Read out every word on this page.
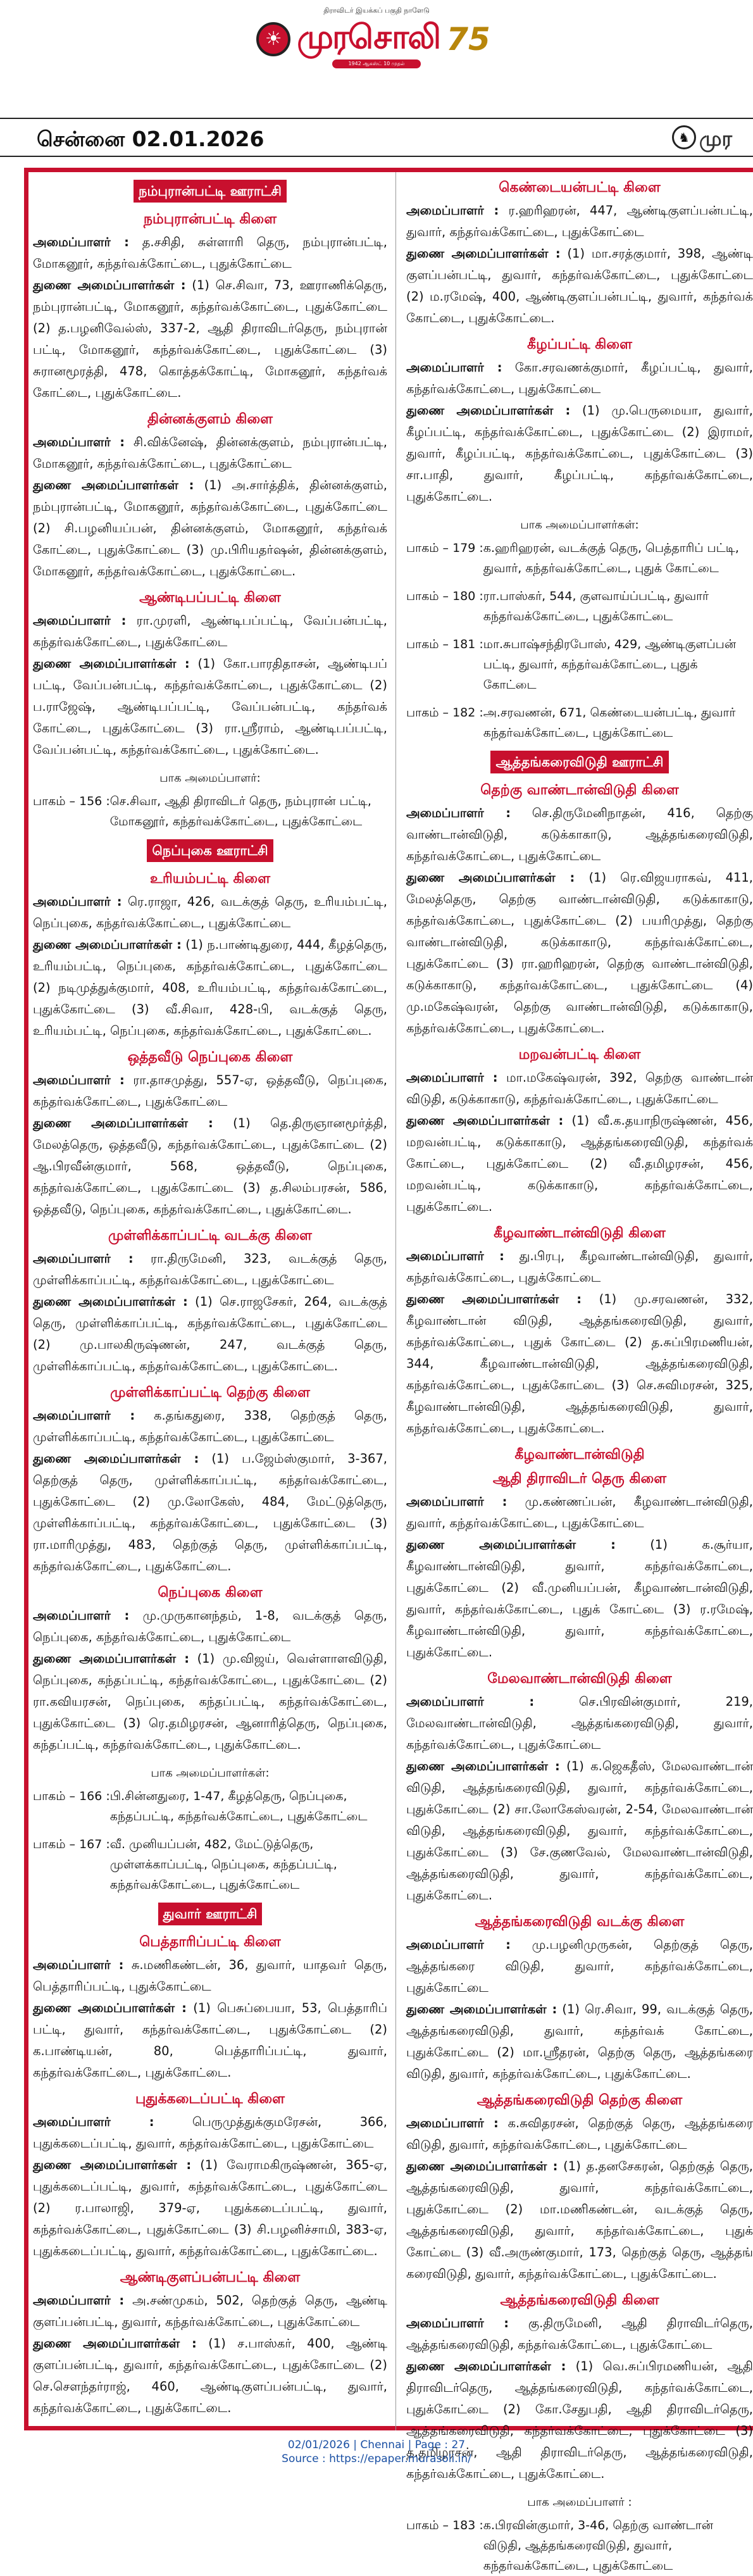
திராவிடர் இயக்கப் பகுதி நாளேடு
☀ முரசொலி 75
1942 ஆகஸ்ட் 10 முதல் பெருமைக்குரிய நாளேடு
சென்னை 02.01.2026	♞ முர
நம்புரான்பட்டி ஊராட்சி
நம்புரான்பட்டி கிளை
அமைப்பாளர் : த.சசிதி, சுள்ளாரி தெரு, நம்புரான்பட்டி, மோகனூர், கந்தர்வக்கோட்டை, புதுக்கோட்டை
துணை அமைப்பாளர்கள் : (1) செ.சிவா, 73, ஊராணிக்தெரு, நம்புரான்பட்டி, மோகனூர், கந்தர்வக்கோட்டை, புதுக்கோட்டை (2) த.பழனிவேல்ஸ், 337-2, ஆதி திராவிடர்தெரு, நம்புரான் பட்டி, மோகனூர், கந்தர்வக்கோட்டை, புதுக்கோட்டை (3) சுரானமூரத்தி, 478, கொத்தக்கோட்டி, மோகனூர், கந்தர்வக் கோட்டை, புதுக்கோட்டை.
தின்னக்குளம் கிளை
அமைப்பாளர் : சி.விக்னேஷ், தின்னக்குளம், நம்புரான்பட்டி, மோகனூர், கந்தர்வக்கோட்டை, புதுக்கோட்டை
துணை அமைப்பாளர்கள் : (1) அ.சார்த்திக், தின்னக்குளம், நம்புரான்பட்டி, மோகனூர், கந்தர்வக்கோட்டை, புதுக்கோட்டை (2) சி.பழனியப்பன், தின்னக்குளம், மோகனூர், கந்தர்வக் கோட்டை, புதுக்கோட்டை (3) மு.பிரியதர்ஷன், தின்னக்குளம், மோகனூர், கந்தர்வக்கோட்டை, புதுக்கோட்டை.
ஆண்டிபப்பட்டி கிளை
அமைப்பாளர் : ரா.முரளி, ஆண்டிபப்பட்டி, வேப்பன்பட்டி, கந்தர்வக்கோட்டை, புதுக்கோட்டை
துணை அமைப்பாளர்கள் : (1) கோ.பாரதிதாசன், ஆண்டிபப் பட்டி, வேப்பன்பட்டி, கந்தர்வக்கோட்டை, புதுக்கோட்டை (2) ப.ராஜேஷ், ஆண்டிபப்பட்டி, வேப்பன்பட்டி, கந்தர்வக் கோட்டை, புதுக்கோட்டை (3) ரா.ஸ்ரீராம், ஆண்டிபப்பட்டி, வேப்பன்பட்டி, கந்தர்வக்கோட்டை, புதுக்கோட்டை.
பாக அமைப்பாளர்:
பாகம் – 156 : செ.சிவா, ஆதி திராவிடர் தெரு, நம்புரான் பட்டி, மோகனூர், கந்தர்வக்கோட்டை, புதுக்கோட்டை
நெப்புகை ஊராட்சி
உரியம்பட்டி கிளை
அமைப்பாளர் : ரெ.ராஜா, 426, வடக்குத் தெரு, உரியம்பட்டி, நெப்புகை, கந்தர்வக்கோட்டை, புதுக்கோட்டை
துணை அமைப்பாளர்கள் : (1) ந.பாண்டிதுரை, 444, கீழத்தெரு, உரியம்பட்டி, நெப்புகை, கந்தர்வக்கோட்டை, புதுக்கோட்டை (2) நடிமுத்துக்குமார், 408, உரியம்பட்டி, கந்தர்வக்கோட்டை, புதுக்கோட்டை (3) வீ.சிவா, 428-பி, வடக்குத் தெரு, உரியம்பட்டி, நெப்புகை, கந்தர்வக்கோட்டை, புதுக்கோட்டை.
ஒத்தவீடு நெப்புகை கிளை
அமைப்பாளர் : ரா.தாசமுத்து, 557-ஏ, ஒத்தவீடு, நெப்புகை, கந்தர்வக்கோட்டை, புதுக்கோட்டை
துணை அமைப்பாளர்கள் : (1) தெ.திருஞானமூர்த்தி, மேலத்தெரு, ஒத்தவீடு, கந்தர்வக்கோட்டை, புதுக்கோட்டை (2) ஆ.பிரவீன்குமார், 568, ஒத்தவீடு, நெப்புகை, கந்தர்வக்கோட்டை, புதுக்கோட்டை (3) த.சிலம்பரசன், 586, ஒத்தவீடு, நெப்புகை, கந்தர்வக்கோட்டை, புதுக்கோட்டை.
முள்ளிக்காப்பட்டி வடக்கு கிளை
அமைப்பாளர் : ரா.திருமேனி, 323, வடக்குத் தெரு, முள்ளிக்காப்பட்டி, கந்தர்வக்கோட்டை, புதுக்கோட்டை
துணை அமைப்பாளர்கள் : (1) செ.ராஜசேகர், 264, வடக்குத் தெரு, முள்ளிக்காப்பட்டி, கந்தர்வக்கோட்டை, புதுக்கோட்டை (2) மு.பாலகிருஷ்ணன், 247, வடக்குத் தெரு, முள்ளிக்காப்பட்டி, கந்தர்வக்கோட்டை, புதுக்கோட்டை.
முள்ளிக்காப்பட்டி தெற்கு கிளை
அமைப்பாளர் : க.தங்கதுரை, 338, தெற்குத் தெரு, முள்ளிக்காப்பட்டி, கந்தர்வக்கோட்டை, புதுக்கோட்டை
துணை அமைப்பாளர்கள் : (1) ப.ஜேம்ஸ்குமார், 3-367, தெற்குத் தெரு, முள்ளிக்காப்பட்டி, கந்தர்வக்கோட்டை, புதுக்கோட்டை (2) மு.லோகேஸ், 484, மேட்டுத்தெரு, முள்ளிக்காப்பட்டி, கந்தர்வக்கோட்டை, புதுக்கோட்டை (3) ரா.மாரிமுத்து, 483, தெற்குத் தெரு, முள்ளிக்காப்பட்டி, கந்தர்வக்கோட்டை, புதுக்கோட்டை.
நெப்புகை கிளை
அமைப்பாளர் : மு.முருகானந்தம், 1-8, வடக்குத் தெரு, நெப்புகை, கந்தர்வக்கோட்டை, புதுக்கோட்டை
துணை அமைப்பாளர்கள் : (1) மு.விஜய், வெள்ளாளவிடுதி, நெப்புகை, கந்தப்பட்டி, கந்தர்வக்கோட்டை, புதுக்கோட்டை (2) ரா.கவியரசன், நெப்புகை, கந்தப்பட்டி, கந்தர்வக்கோட்டை, புதுக்கோட்டை (3) ரெ.தமிழரசன், ஆனாரித்தெரு, நெப்புகை, கந்தப்பட்டி, கந்தர்வக்கோட்டை, புதுக்கோட்டை.
பாக அமைப்பாளர்கள்:
பாகம் – 166 : பி.சின்னதுரை, 1-47, கீழத்தெரு, நெப்புகை, கந்தப்பட்டி, கந்தர்வக்கோட்டை, புதுக்கோட்டை
பாகம் – 167 : வீ. முனியப்பன், 482, மேட்டுத்தெரு, முள்ளக்காப்பட்டி, நெப்புகை, கந்தப்பட்டி, கந்தர்வக்கோட்டை, புதுக்கோட்டை
துவார் ஊராட்சி
பெத்தாரிப்பட்டி கிளை
அமைப்பாளர் : சு.மணிகண்டன், 36, துவார், யாதவர் தெரு, பெத்தாரிப்பட்டி, புதுக்கோட்டை
துணை அமைப்பாளர்கள் : (1) பெசுப்பையா, 53, பெத்தாரிப் பட்டி, துவார், கந்தர்வக்கோட்டை, புதுக்கோட்டை (2) க.பாண்டியன், 80, பெத்தாரிப்பட்டி, துவார், கந்தர்வக்கோட்டை, புதுக்கோட்டை.
புதுக்கடைப்பட்டி கிளை
அமைப்பாளர் : பெருமுத்துக்குமரேசன், 366, புதுக்கடைப்பட்டி, துவார், கந்தர்வக்கோட்டை, புதுக்கோட்டை
துணை அமைப்பாளர்கள் : (1) வேராமகிருஷ்ணன், 365-ஏ, புதுக்கடைப்பட்டி, துவார், கந்தர்வக்கோட்டை, புதுக்கோட்டை (2) ர.பாலாஜி, 379-ஏ, புதுக்கடைப்பட்டி, துவார், கந்தர்வக்கோட்டை, புதுக்கோட்டை (3) சி.பழனிச்சாமி, 383-ஏ, புதுக்கடைப்பட்டி, துவார், கந்தர்வக்கோட்டை, புதுக்கோட்டை.
ஆண்டிகுளப்பன்பட்டி கிளை
அமைப்பாளர் : அ.சண்முகம், 502, தெற்குத் தெரு, ஆண்டி குளப்பன்பட்டி, துவார், கந்தர்வக்கோட்டை, புதுக்கோட்டை
துணை அமைப்பாளர்கள் : (1) ச.பாஸ்கர், 400, ஆண்டி குளப்பன்பட்டி, துவார், கந்தர்வக்கோட்டை, புதுக்கோட்டை (2) செ.செளந்தர்ராஜ், 460, ஆண்டிகுளப்பன்பட்டி, துவார், கந்தர்வக்கோட்டை, புதுக்கோட்டை.
கெண்டையன்பட்டி கிளை
அமைப்பாளர் : ர.ஹரிஹரன், 447, ஆண்டிகுளப்பன்பட்டி, துவார், கந்தர்வக்கோட்டை, புதுக்கோட்டை
துணை அமைப்பாளர்கள் : (1) மா.சரத்குமார், 398, ஆண்டி குளப்பன்பட்டி, துவார், கந்தர்வக்கோட்டை, புதுக்கோட்டை (2) ம.ரமேஷ், 400, ஆண்டிகுளப்பன்பட்டி, துவார், கந்தர்வக் கோட்டை, புதுக்கோட்டை.
கீழப்பட்டி கிளை
அமைப்பாளர் : கோ.சரவணக்குமார், கீழப்பட்டி, துவார், கந்தர்வக்கோட்டை, புதுக்கோட்டை
துணை அமைப்பாளர்கள் : (1) மு.பெருமையா, துவார், கீழப்பட்டி, கந்தர்வக்கோட்டை, புதுக்கோட்டை (2) இராமர், துவார், கீழப்பட்டி, கந்தர்வக்கோட்டை, புதுக்கோட்டை (3) சா.பாதி, துவார், கீழப்பட்டி, கந்தர்வக்கோட்டை, புதுக்கோட்டை.
பாக அமைப்பாளர்கள்:
பாகம் – 179 : க.ஹரிஹரன், வடக்குத் தெரு, பெத்தாரிப் பட்டி, துவார், கந்தர்வக்கோட்டை, புதுக் கோட்டை
பாகம் – 180 : ரா.பாஸ்கர், 544, குளவாய்ப்பட்டி, துவார் கந்தர்வக்கோட்டை, புதுக்கோட்டை
பாகம் – 181 : மா.சுபாஷ்சந்திரபோஸ், 429, ஆண்டிகுளப்பன் பட்டி, துவார், கந்தர்வக்கோட்டை, புதுக் கோட்டை
பாகம் – 182 : அ.சரவணன், 671, கெண்டையன்பட்டி, துவார் கந்தர்வக்கோட்டை, புதுக்கோட்டை
ஆத்தங்கரைவிடுதி ஊராட்சி
தெற்கு வாண்டான்விடுதி கிளை
அமைப்பாளர் : செ.திருமேனிநாதன், 416, தெற்கு வாண்டான்விடுதி, கடுக்காகாடு, ஆத்தங்கரைவிடுதி, கந்தர்வக்கோட்டை, புதுக்கோட்டை
துணை அமைப்பாளர்கள் : (1) ரெ.விஜயராகவ், 411, மேலத்தெரு, தெற்கு வாண்டான்விடுதி, கடுக்காகாடு, கந்தர்வக்கோட்டை, புதுக்கோட்டை (2) பயரிமுத்து, தெற்கு வாண்டான்விடுதி, கடுக்காகாடு, கந்தர்வக்கோட்டை, புதுக்கோட்டை (3) ரா.ஹரிஹரன், தெற்கு வாண்டான்விடுதி, கடுக்காகாடு, கந்தர்வக்கோட்டை, புதுக்கோட்டை (4) மு.மகேஷ்வரன், தெற்கு வாண்டான்விடுதி, கடுக்காகாடு, கந்தர்வக்கோட்டை, புதுக்கோட்டை.
மறவன்பட்டி கிளை
அமைப்பாளர் : மா.மகேஷ்வரன், 392, தெற்கு வாண்டான் விடுதி, கடுக்காகாடு, கந்தர்வக்கோட்டை, புதுக்கோட்டை
துணை அமைப்பாளர்கள் : (1) வீ.க.தயாநிருஷ்ணன், 456, மறவன்பட்டி, கடுக்காகாடு, ஆத்தங்கரைவிடுதி, கந்தர்வக் கோட்டை, புதுக்கோட்டை (2) வீ.தமிழரசன், 456, மறவன்பட்டி, கடுக்காகாடு, கந்தர்வக்கோட்டை, புதுக்கோட்டை.
கீழவாண்டான்விடுதி கிளை
அமைப்பாளர் : து.பிரபு, கீழவாண்டான்விடுதி, துவார், கந்தர்வக்கோட்டை, புதுக்கோட்டை
துணை அமைப்பாளர்கள் : (1) மு.சரவணன், 332, கீழவாண்டான் விடுதி, ஆத்தங்கரைவிடுதி, துவார், கந்தர்வக்கோட்டை, புதுக் கோட்டை (2) த.சுப்பிரமணியன், 344, கீழவாண்டான்விடுதி, ஆத்தங்கரைவிடுதி, கந்தர்வக்கோட்டை, புதுக்கோட்டை (3) செ.சுவிமரசன், 325, கீழவாண்டான்விடுதி, ஆத்தங்கரைவிடுதி, துவார், கந்தர்வக்கோட்டை, புதுக்கோட்டை.
கீழவாண்டான்விடுதி
ஆதி திராவிடர் தெரு கிளை
அமைப்பாளர் : மு.கண்ணப்பன், கீழவாண்டான்விடுதி, துவார், கந்தர்வக்கோட்டை, புதுக்கோட்டை
துணை அமைப்பாளர்கள் : (1) க.சூர்யா, கீழவாண்டான்விடுதி, துவார், கந்தர்வக்கோட்டை, புதுக்கோட்டை (2) வீ.முனியப்பன், கீழவாண்டான்விடுதி, துவார், கந்தர்வக்கோட்டை, புதுக் கோட்டை (3) ர.ரமேஷ், கீழவாண்டான்விடுதி, துவார், கந்தர்வக்கோட்டை, புதுக்கோட்டை.
மேலவாண்டான்விடுதி கிளை
அமைப்பாளர் : செ.பிரவின்குமார், 219, மேலவாண்டான்விடுதி, ஆத்தங்கரைவிடுதி, துவார், கந்தர்வக்கோட்டை, புதுக்கோட்டை
துணை அமைப்பாளர்கள் : (1) க.ஜெகதீஸ், மேலவாண்டான் விடுதி, ஆத்தங்கரைவிடுதி, துவார், கந்தர்வக்கோட்டை, புதுக்கோட்டை (2) சா.லோகேஸ்வரன், 2-54, மேலவாண்டான் விடுதி, ஆத்தங்கரைவிடுதி, துவார், கந்தர்வக்கோட்டை, புதுக்கோட்டை (3) சே.குணவேல், மேலவாண்டான்விடுதி, ஆத்தங்கரைவிடுதி, துவார், கந்தர்வக்கோட்டை, புதுக்கோட்டை.
ஆத்தங்கரைவிடுதி வடக்கு கிளை
அமைப்பாளர் : மு.பழனிமுருகன், தெற்குத் தெரு, ஆத்தங்கரை விடுதி, துவார், கந்தர்வக்கோட்டை, புதுக்கோட்டை
துணை அமைப்பாளர்கள் : (1) ரெ.சிவா, 99, வடக்குத் தெரு, ஆத்தங்கரைவிடுதி, துவார், கந்தர்வக் கோட்டை, புதுக்கோட்டை (2) மா.ஸ்ரீதரன், தெற்கு தெரு, ஆத்தங்கரை விடுதி, துவார், கந்தர்வக்கோட்டை, புதுக்கோட்டை.
ஆத்தங்கரைவிடுதி தெற்கு கிளை
அமைப்பாளர் : க.சுவிதரசன், தெற்குத் தெரு, ஆத்தங்கரை விடுதி, துவார், கந்தர்வக்கோட்டை, புதுக்கோட்டை
துணை அமைப்பாளர்கள் : (1) த.தனசேகரன், தெற்குத் தெரு, ஆத்தங்கரைவிடுதி, துவார், கந்தர்வக்கோட்டை, புதுக்கோட்டை (2) மா.மணிகண்டன், வடக்குத் தெரு, ஆத்தங்கரைவிடுதி, துவார், கந்தர்வக்கோட்டை, புதுக் கோட்டை (3) வீ.அருண்குமார், 173, தெற்குத் தெரு, ஆத்தங் கரைவிடுதி, துவார், கந்தர்வக்கோட்டை, புதுக்கோட்டை.
ஆத்தங்கரைவிடுதி கிளை
அமைப்பாளர் : கு.திருமேனி, ஆதி திராவிடர்தெரு, ஆத்தங்கரைவிடுதி, கந்தர்வக்கோட்டை, புதுக்கோட்டை
துணை அமைப்பாளர்கள் : (1) வெ.சுப்பிரமணியன், ஆதி திராவிடர்தெரு, ஆத்தங்கரைவிடுதி, கந்தர்வக்கோட்டை, புதுக்கோட்டை (2) கோ.சேதுபதி, ஆதி திராவிடர்தெரு, ஆத்தங்கரைவிடுதி, கந்தர்வக்கோட்டை, புதுக்கோட்டை (3) த.தமிழரசன், ஆதி திராவிடர்தெரு, ஆத்தங்கரைவிடுதி, கந்தர்வக்கோட்டை, புதுக்கோட்டை.
பாக அமைப்பாளர் :
பாகம் – 183 : க.பிரவின்குமார், 3-46, தெற்கு வாண்டான் விடுதி, ஆத்தங்கரைவிடுதி, துவார், கந்தர்வக்கோட்டை, புதுக்கோட்டை
02/01/2026 | Chennai | Page : 27
Source : https://epaper.murasoli.in/
